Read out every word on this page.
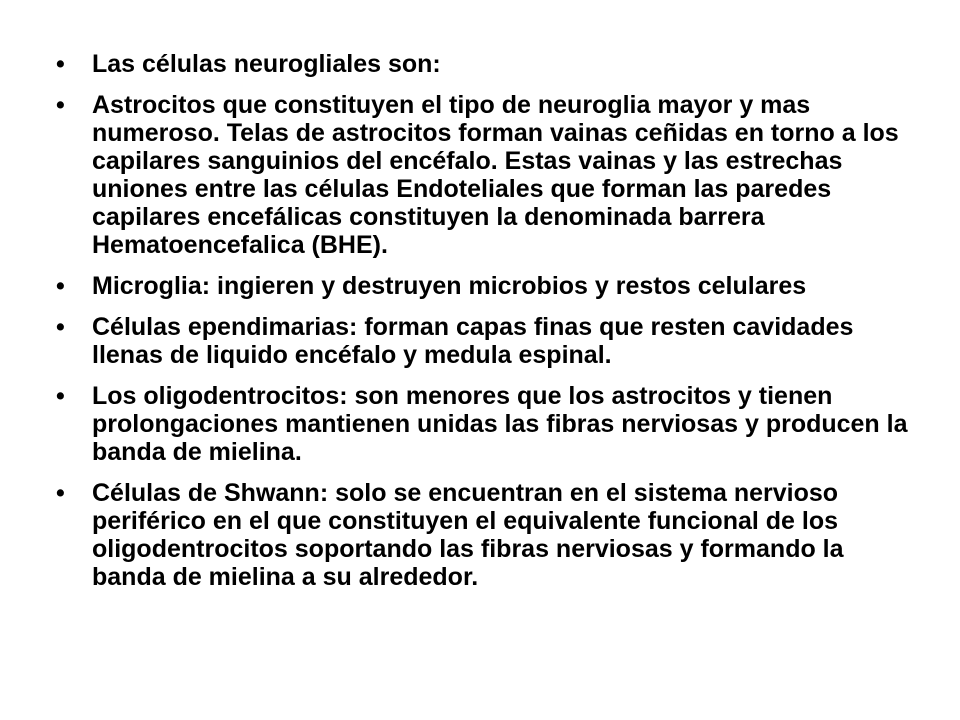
• Las células neurogliales son:
• Astrocitos que constituyen el tipo de neuroglia mayor y mas numeroso. Telas de astrocitos forman vainas ceñidas en torno a los capilares sanguinios del encéfalo. Estas vainas y las estrechas uniones entre las células Endoteliales que forman las paredes capilares encefálicas constituyen la denominada barrera Hematoencefalica (BHE).
• Microglia: ingieren y destruyen microbios y restos celulares
• Células ependimarias: forman capas finas que resten cavidades llenas de liquido encéfalo y medula espinal.
• Los oligodentrocitos: son menores que los astrocitos y tienen prolongaciones mantienen unidas las fibras nerviosas y producen la banda de mielina.
• Células de Shwann: solo se encuentran en el sistema nervioso periférico en el que constituyen el equivalente funcional de los oligodentrocitos soportando las fibras nerviosas y formando la banda de mielina a su alrededor.
